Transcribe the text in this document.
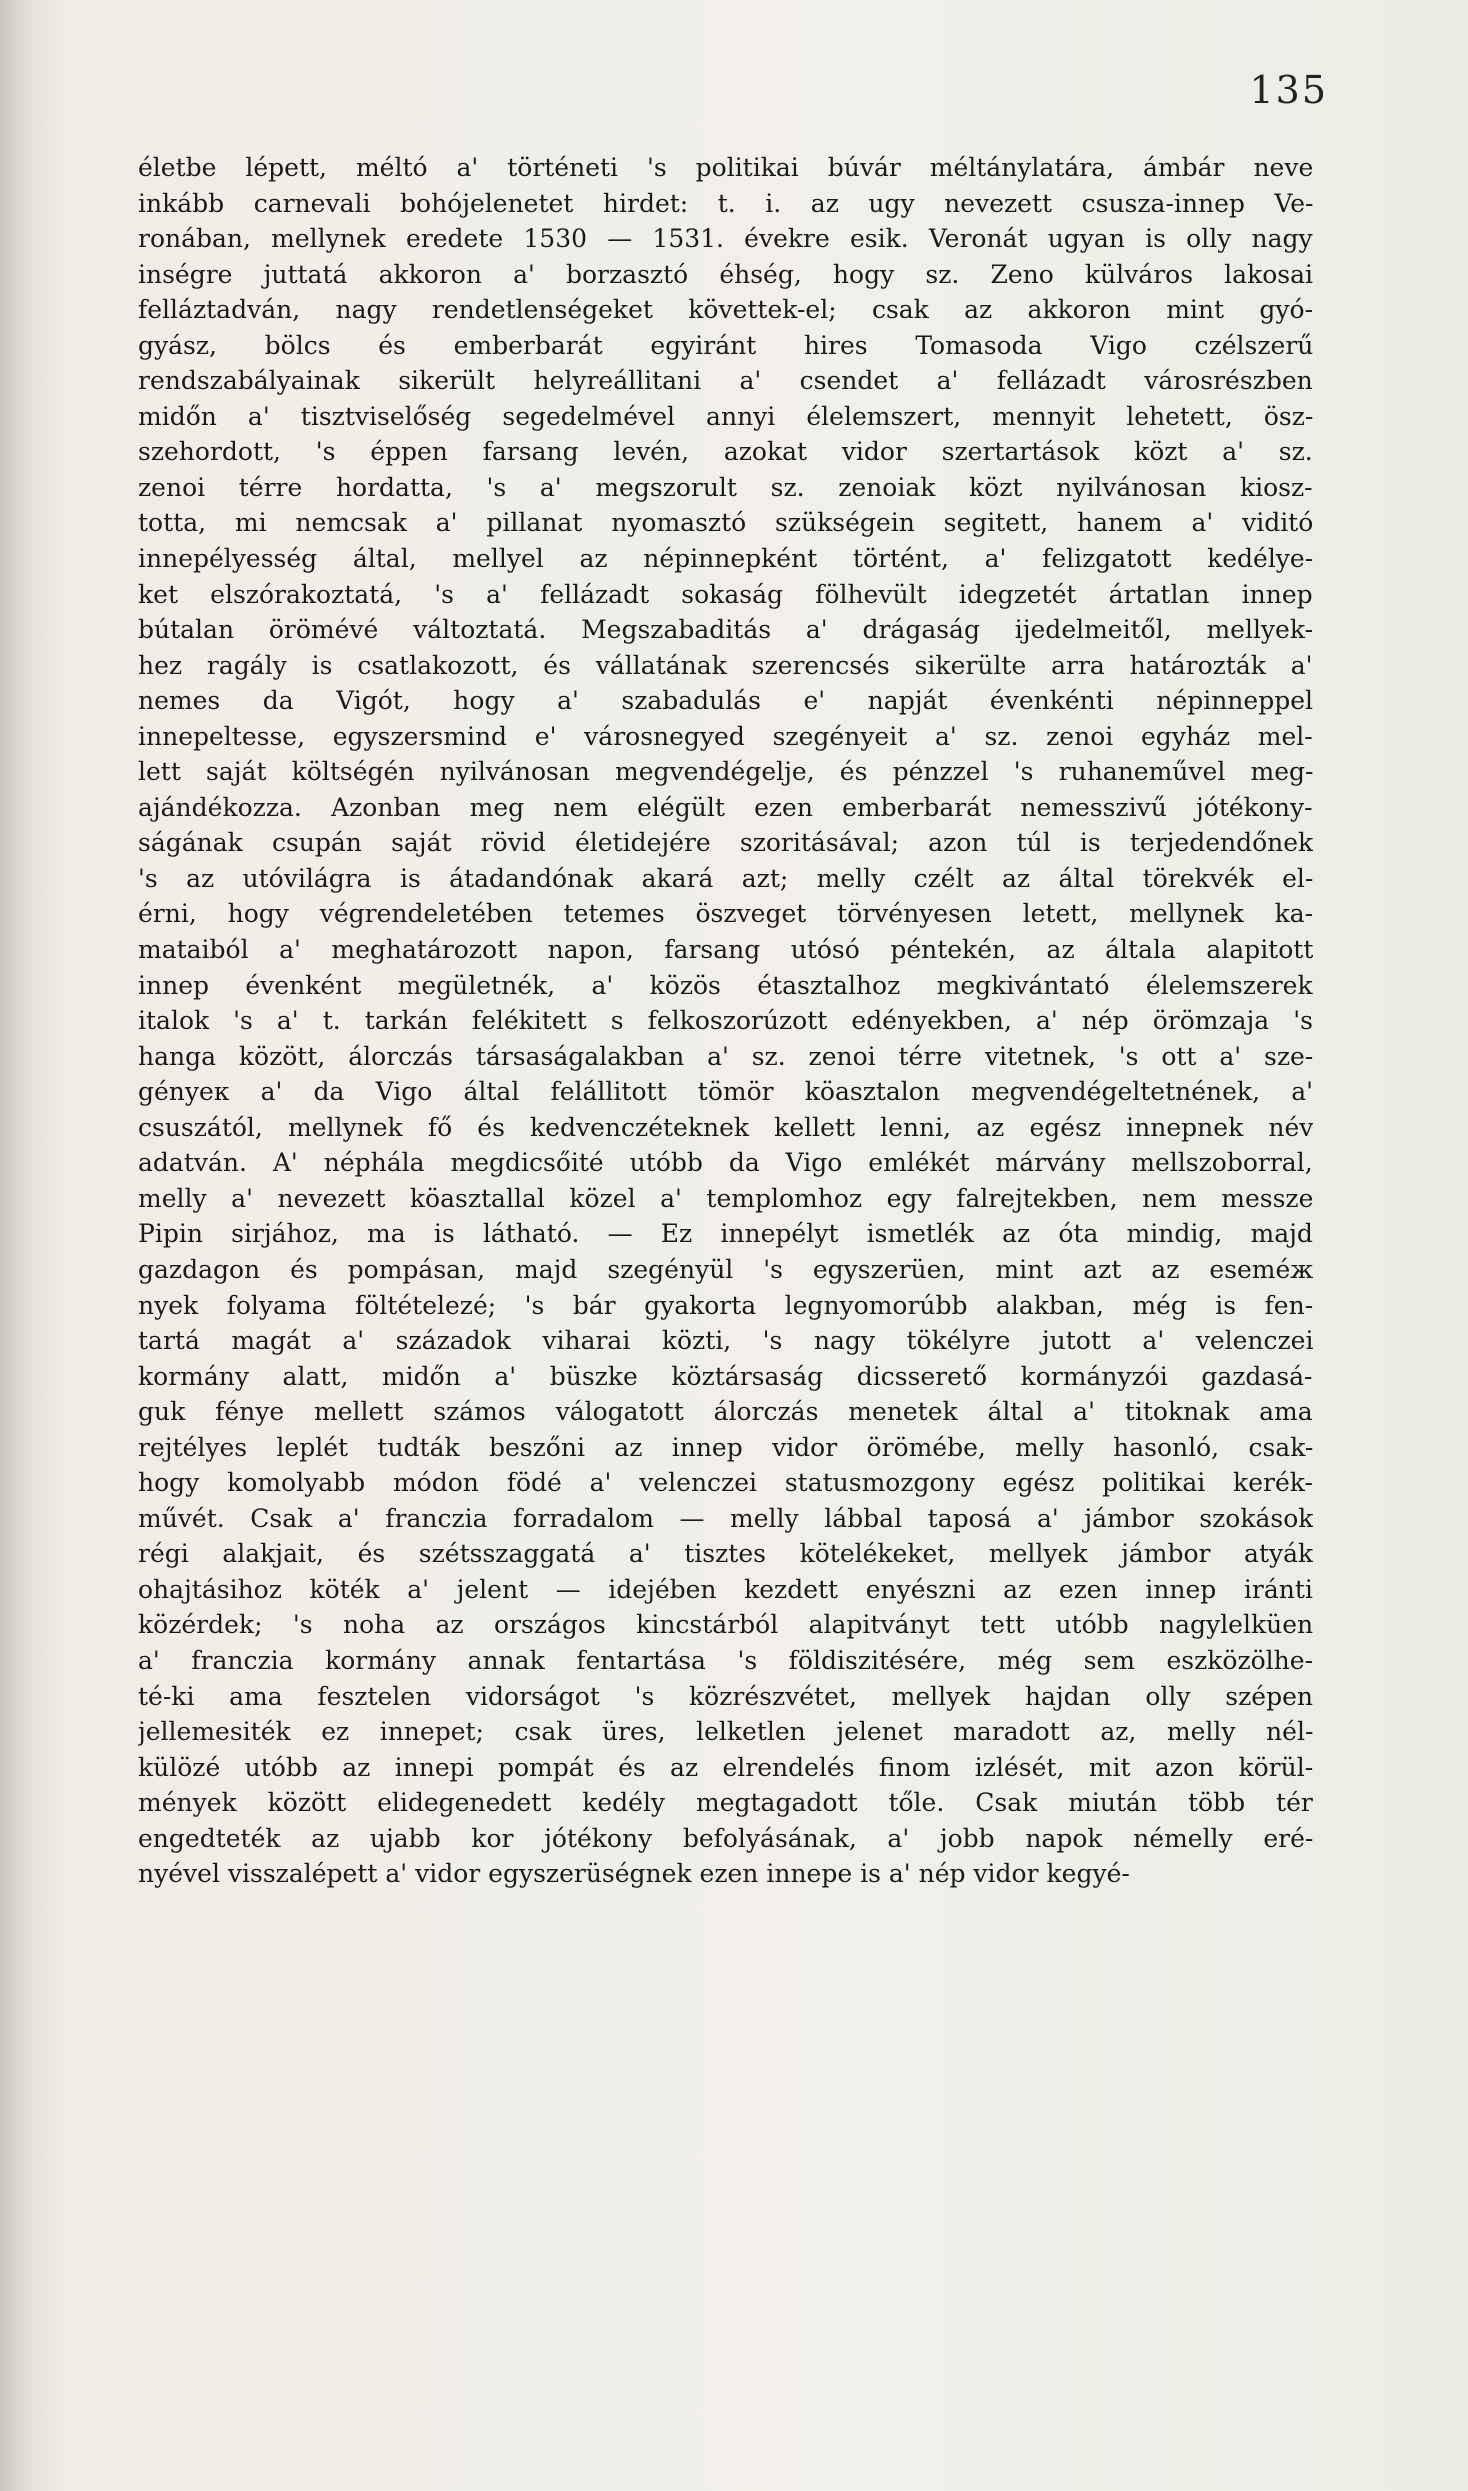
135
életbe lépett, méltó a' történeti 's politikai búvár méltánylatára, ámbár neve
inkább carnevali bohójelenetet hirdet: t. i. az ugy nevezett csusza-innep Ve-
ronában, mellynek eredete 1530 — 1531. évekre esik. Veronát ugyan is olly nagy
inségre juttatá akkoron a' borzasztó éhség, hogy sz. Zeno külváros lakosai
felláztadván, nagy rendetlenségeket követtek-el; csak az akkoron mint gyó-
gyász, bölcs és emberbarát egyiránt hires Tomasoda Vigo czélszerű
rendszabályainak sikerült helyreállitani a' csendet a' fellázadt városrészben
midőn a' tisztviselőség segedelmével annyi élelemszert, mennyit lehetett, ösz-
szehordott, 's éppen farsang levén, azokat vidor szertartások közt a' sz.
zenoi térre hordatta, 's a' megszorult sz. zenoiak közt nyilvánosan kiosz-
totta, mi nemcsak a' pillanat nyomasztó szükségein segitett, hanem a' viditó
innepélyesség által, mellyel az népinnepként történt, a' felizgatott kedélye-
ket elszórakoztatá, 's a' fellázadt sokaság fölhevült idegzetét ártatlan innep
bútalan örömévé változtatá. Megszabaditás a' drágaság ijedelmeitől, mellyek-
hez ragály is csatlakozott, és vállatának szerencsés sikerülte arra határozták a'
nemes da Vigót, hogy a' szabadulás e' napját évenkénti népinneppel
innepeltesse, egyszersmind e' városnegyed szegényeit a' sz. zenoi egyház mel-
lett saját költségén nyilvánosan megvendégelje, és pénzzel 's ruhaneművel meg-
ajándékozza. Azonban meg nem elégült ezen emberbarát nemesszivű jótékony-
ságának csupán saját rövid életidejére szoritásával; azon túl is terjedendőnek
's az utóvilágra is átadandónak akará azt; melly czélt az által törekvék el-
érni, hogy végrendeletében tetemes öszveget törvényesen letett, mellynek ka-
mataiból a' meghatározott napon, farsang utósó péntekén, az általa alapitott
innep évenként megületnék, a' közös étasztalhoz megkivántató élelemszerek
italok 's a' t. tarkán felékitett s felkoszorúzott edényekben, a' nép örömzaja 's
hanga között, álorczás társaságalakban a' sz. zenoi térre vitetnek, 's ott a' sze-
gényeк a' da Vigo által felállitott tömör köasztalon megvendégeltetnének, a'
csuszától, mellynek fő és kedvenczéteknek kellett lenni, az egész innepnek név
adatván. A' néphála megdicsőité utóbb da Vigo emlékét márvány mellszoborral,
melly a' nevezett köasztallal közel a' templomhoz egy falrejtekben, nem messze
Pipin sirjához, ma is látható. — Ez innepélyt ismetlék az óta mindig, majd
gazdagon és pompásan, majd szegényül 's egyszerüen, mint azt az eseméж
nyek folyama föltételezé; 's bár gyakorta legnyomorúbb alakban, még is fen-
tartá magát a' századok viharai közti, 's nagy tökélyre jutott a' velenczei
kormány alatt, midőn a' büszke köztársaság dicsserető kormányzói gazdasá-
guk fénye mellett számos válogatott álorczás menetek által a' titoknak ama
rejtélyes leplét tudták beszőni az innep vidor örömébe, melly hasonló, csak-
hogy komolyabb módon födé a' velenczei statusmozgony egész politikai kerék-
művét. Csak a' franczia forradalom — melly lábbal taposá a' jámbor szokások
régi alakjait, és szétsszaggatá a' tisztes kötelékeket, mellyek jámbor atyák
ohajtásihoz köték a' jelent — idejében kezdett enyészni az ezen innep iránti
közérdek; 's noha az országos kincstárból alapitványt tett utóbb nagylelküen
a' franczia kormány annak fentartása 's földiszitésére, még sem eszközölhe-
té-ki ama fesztelen vidorságot 's közrészvétet, mellyek hajdan olly szépen
jellemesiték ez innepet; csak üres, lelketlen jelenet maradott az, melly nél-
külözé utóbb az innepi pompát és az elrendelés finom izlését, mit azon körül-
mények között elidegenedett kedély megtagadott tőle. Csak miután több tér
engedteték az ujabb kor jótékony befolyásának, a' jobb napok némelly eré-
nyével visszalépett a' vidor egyszerüségnek ezen innepe is a' nép vidor kegyé-
